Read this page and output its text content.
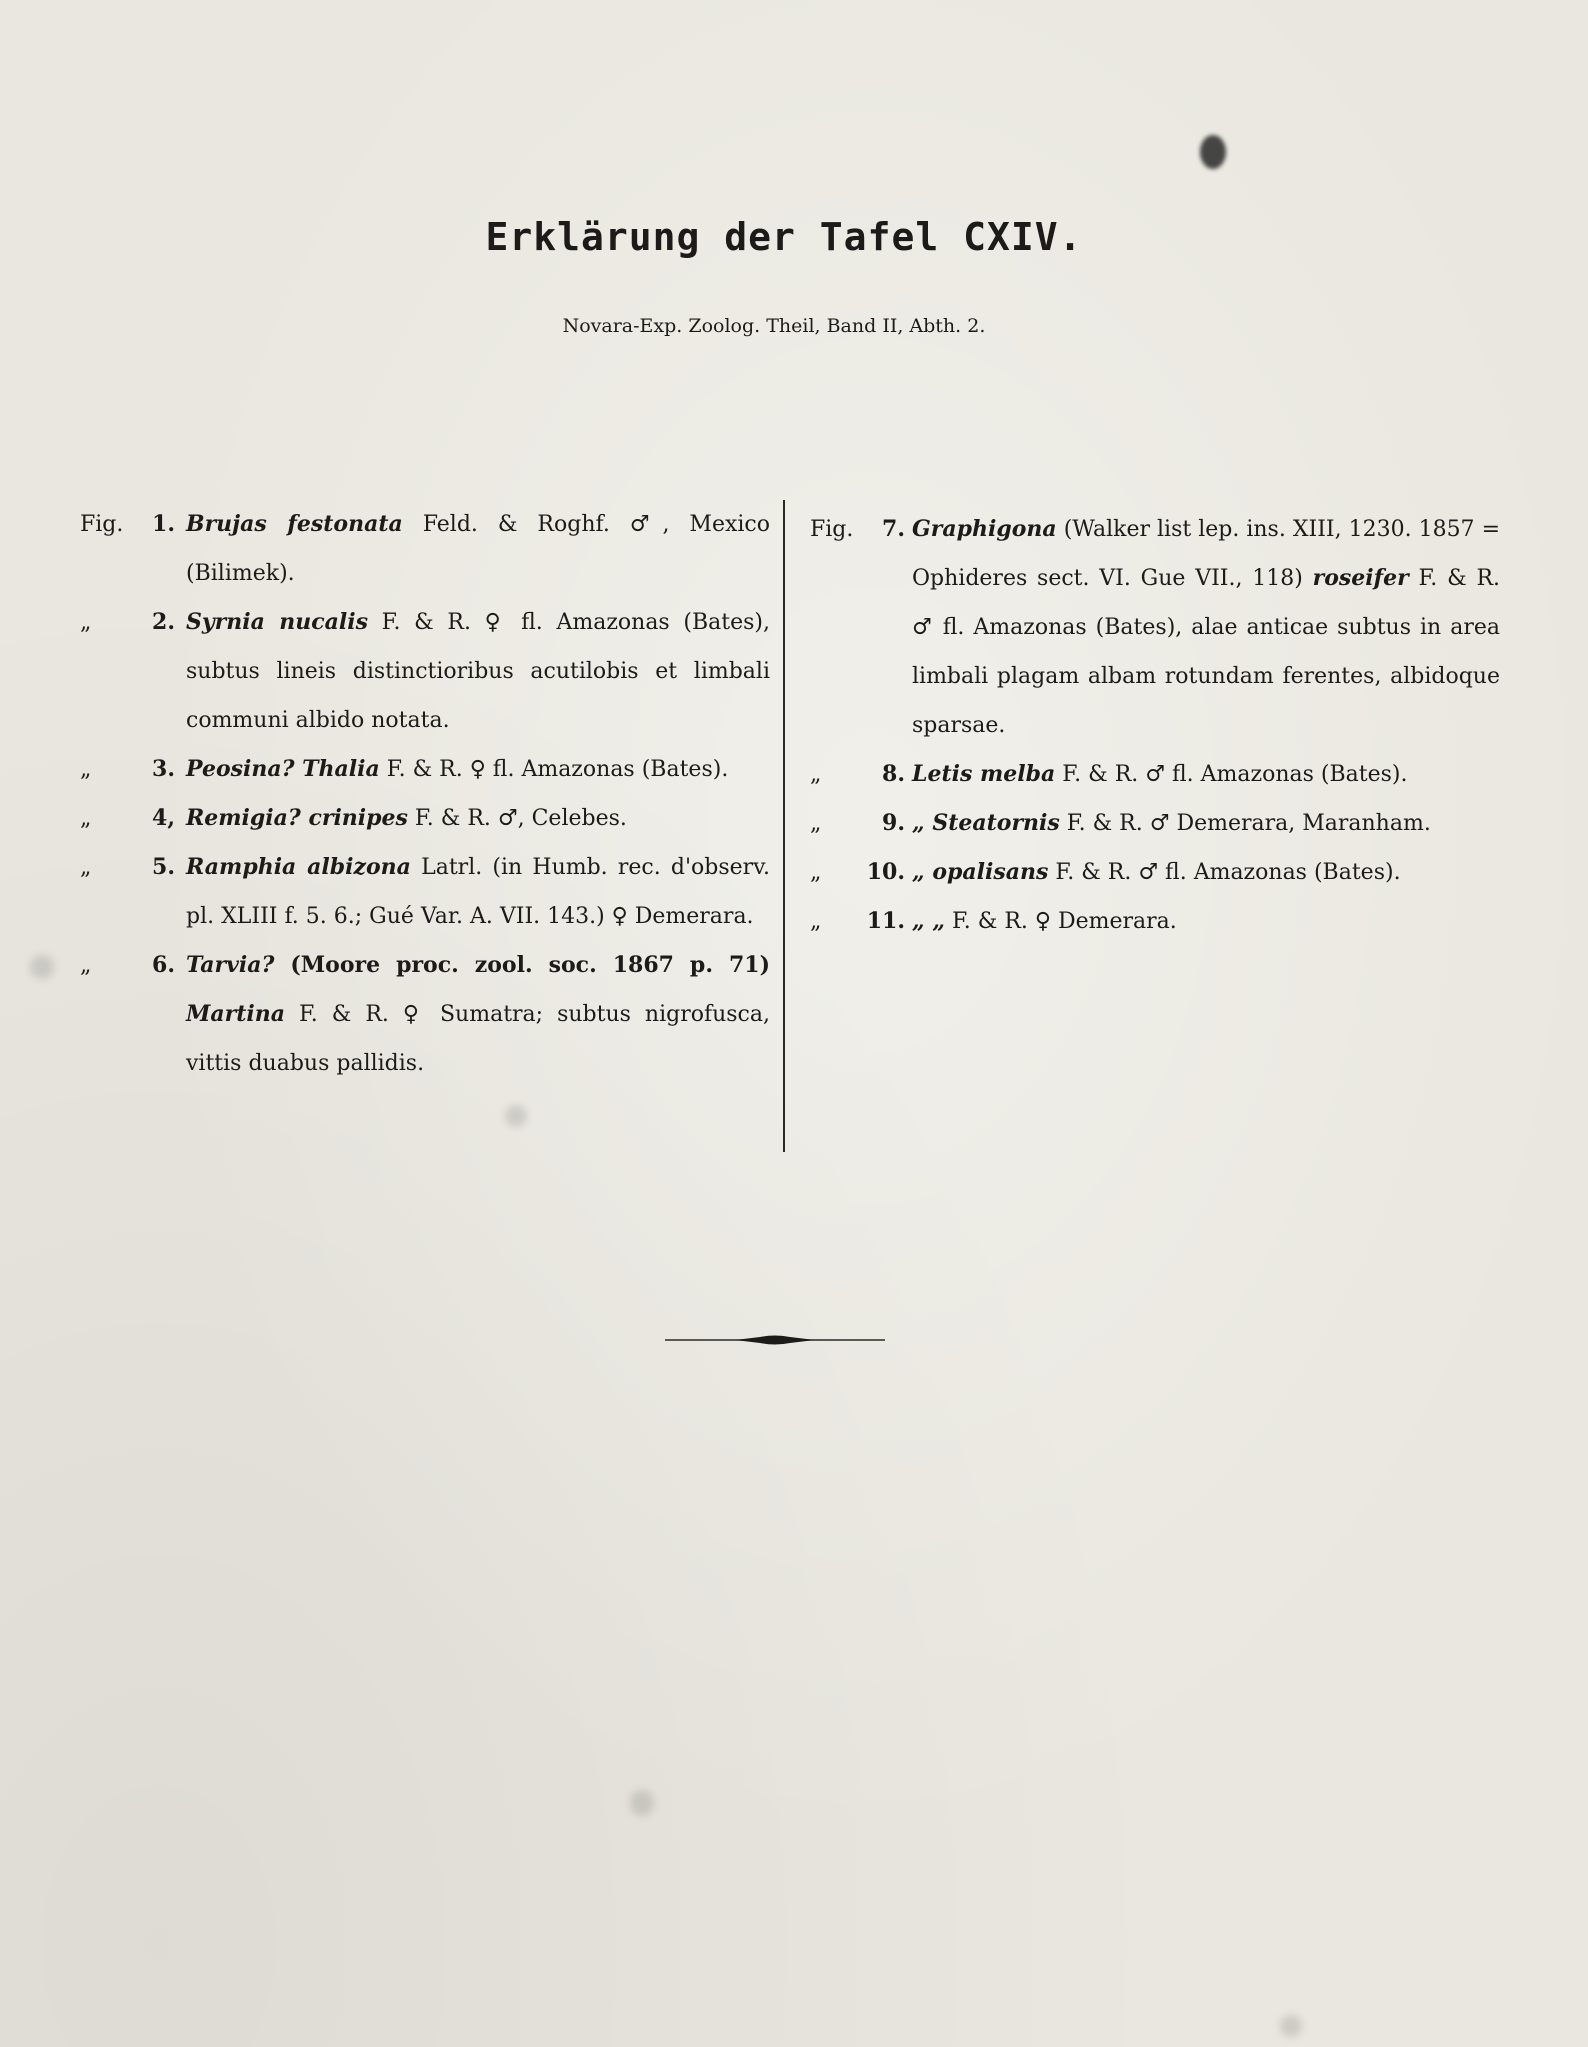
Erklärung der Tafel CXIV.
Novara-Exp. Zoolog. Theil, Band II, Abth. 2.
Fig.	1. Brujas festonata Feld. & Roghf. ♂, Mexico (Bilimek).
„	2. Syrnia nucalis F. & R. ♀ fl. Amazonas (Bates), subtus lineis distinctioribus acutilobis et limbali communi albido notata.
„	3. Peosina? Thalia F. & R. ♀ fl. Amazonas (Bates).
„	4, Remigia? crinipes F. & R. ♂, Celebes.
„	5. Ramphia albizona Latrl. (in Humb. rec. d'observ. pl. XLIII f. 5. 6.; Gué Var. A. VII. 143.) ♀ Demerara.
„	6. Tarvia? (Moore proc. zool. soc. 1867 p. 71) Martina F. & R. ♀ Sumatra; subtus nigrofusca, vittis duabus pallidis.
Fig.	7. Graphigona (Walker list lep. ins. XIII, 1230. 1857 = Ophideres sect. VI. Gue VII., 118) roseifer F. & R. ♂ fl. Amazonas (Bates), alae anticae subtus in area limbali plagam albam rotundam ferentes, albidoque sparsae.
„	8. Letis melba F. & R. ♂ fl. Amazonas (Bates).
„	9. „ Steatornis F. & R. ♂ Demerara, Maranham.
„	10. „ opalisans F. & R. ♂ fl. Amazonas (Bates).
„	11. „ „ F. & R. ♀ Demerara.
